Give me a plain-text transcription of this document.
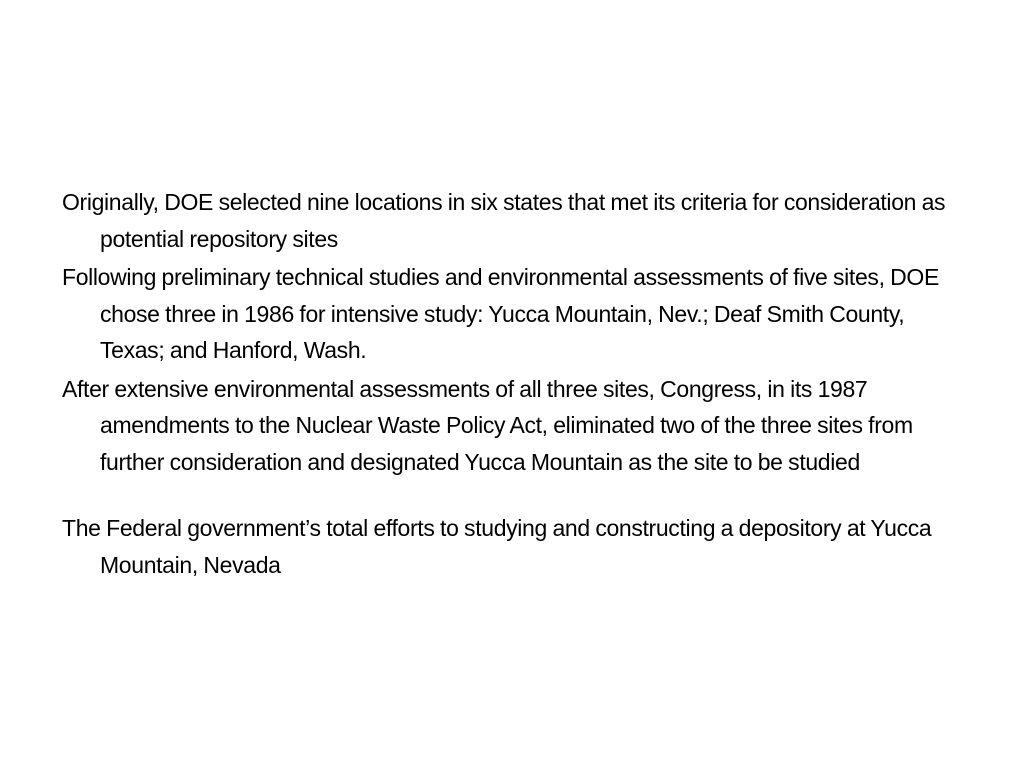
Originally, DOE selected nine locations in six states that met its criteria for consideration as potential repository sites

Following preliminary technical studies and environmental assessments of five sites, DOE chose three in 1986 for intensive study: Yucca Mountain, Nev.; Deaf Smith County, Texas; and Hanford, Wash.

After extensive environmental assessments of all three sites, Congress, in its 1987 amendments to the Nuclear Waste Policy Act, eliminated two of the three sites from further consideration and designated Yucca Mountain as the site to be studied

The Federal government’s total efforts to studying and constructing a depository at Yucca Mountain, Nevada
